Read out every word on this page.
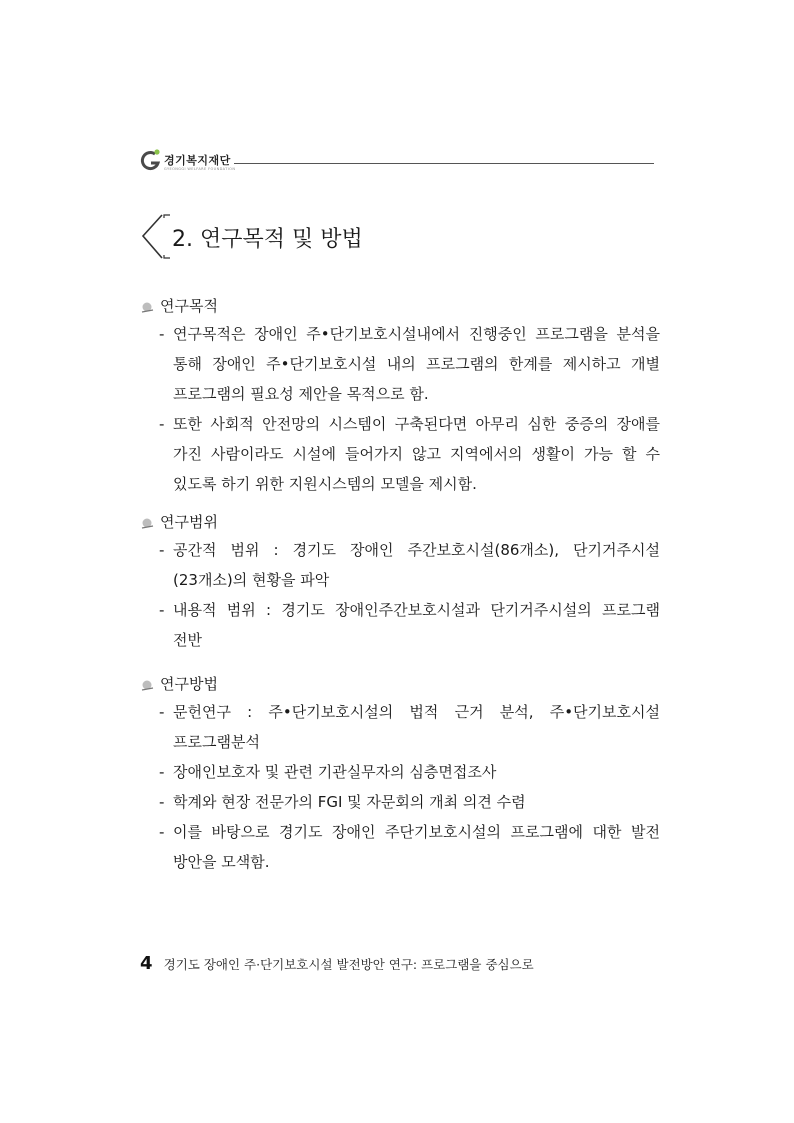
경기복지재단
GYEONGGI WELFARE FOUNDATION
2. 연구목적 및 방법
연구목적
- 연구목적은 장애인 주•단기보호시설내에서 진행중인 프로그램을 분석을 통해 장애인 주•단기보호시설 내의 프로그램의 한계를 제시하고 개별 프로그램의 필요성 제안을 목적으로 함.
- 또한 사회적 안전망의 시스템이 구축된다면 아무리 심한 중증의 장애를 가진 사람이라도 시설에 들어가지 않고 지역에서의 생활이 가능 할 수 있도록 하기 위한 지원시스템의 모델을 제시함.
연구범위
- 공간적 범위 : 경기도 장애인 주간보호시설(86개소), 단기거주시설(23개소)의 현황을 파악
- 내용적 범위 : 경기도 장애인주간보호시설과 단기거주시설의 프로그램 전반
연구방법
- 문헌연구 : 주•단기보호시설의 법적 근거 분석, 주•단기보호시설 프로그램분석
- 장애인보호자 및 관련 기관실무자의 심층면접조사
- 학계와 현장 전문가의 FGI 및 자문회의 개최 의견 수렴
- 이를 바탕으로 경기도 장애인 주단기보호시설의 프로그램에 대한 발전 방안을 모색함.
4 경기도 장애인 주·단기보호시설 발전방안 연구: 프로그램을 중심으로
